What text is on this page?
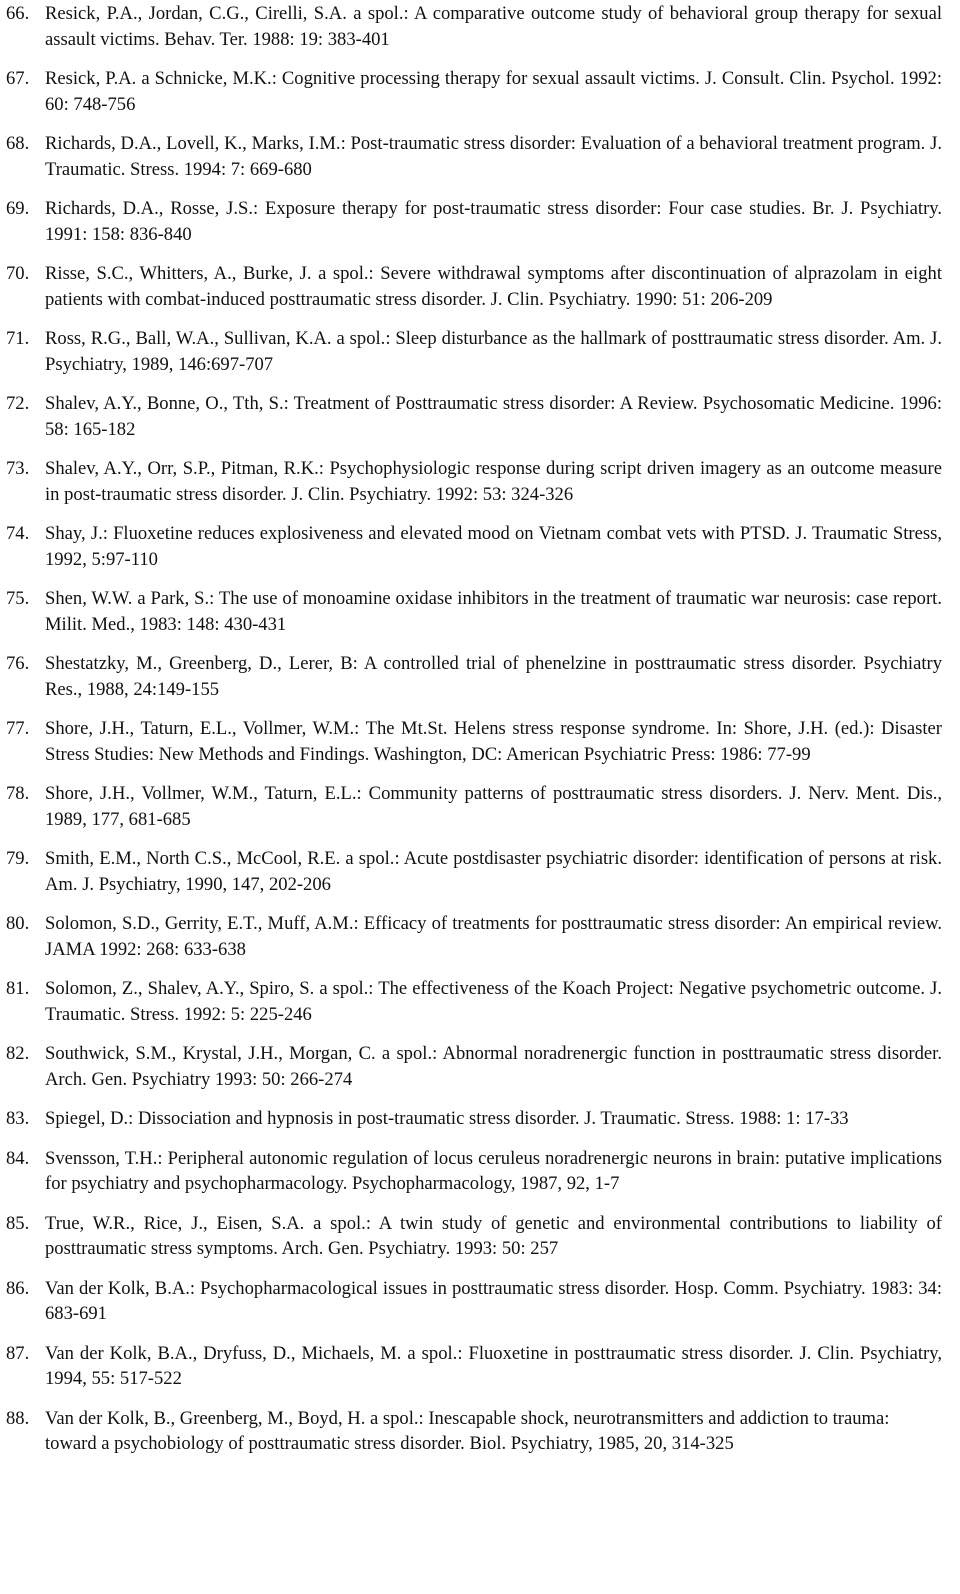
66. Resick, P.A., Jordan, C.G., Cirelli, S.A. a spol.: A comparative outcome study of behavioral group therapy for sexual assault victims. Behav. Ter. 1988: 19: 383-401
67. Resick, P.A. a Schnicke, M.K.: Cognitive processing therapy for sexual assault victims. J. Consult. Clin. Psychol. 1992: 60: 748-756
68. Richards, D.A., Lovell, K., Marks, I.M.: Post-traumatic stress disorder: Evaluation of a behavioral treatment program. J. Traumatic. Stress. 1994: 7: 669-680
69. Richards, D.A., Rosse, J.S.: Exposure therapy for post-traumatic stress disorder: Four case studies. Br. J. Psychiatry. 1991: 158: 836-840
70. Risse, S.C., Whitters, A., Burke, J. a spol.: Severe withdrawal symptoms after discontinuation of alprazolam in eight patients with combat-induced posttraumatic stress disorder. J. Clin. Psychiatry. 1990: 51: 206-209
71. Ross, R.G., Ball, W.A., Sullivan, K.A. a spol.: Sleep disturbance as the hallmark of posttraumatic stress disorder. Am. J. Psychiatry, 1989, 146:697-707
72. Shalev, A.Y., Bonne, O., Tth, S.: Treatment of Posttraumatic stress disorder: A Review. Psychosomatic Medicine. 1996: 58: 165-182
73. Shalev, A.Y., Orr, S.P., Pitman, R.K.: Psychophysiologic response during script driven imagery as an outcome measure in post-traumatic stress disorder. J. Clin. Psychiatry. 1992: 53: 324-326
74. Shay, J.: Fluoxetine reduces explosiveness and elevated mood on Vietnam combat vets with PTSD. J. Traumatic Stress, 1992, 5:97-110
75. Shen, W.W. a Park, S.: The use of monoamine oxidase inhibitors in the treatment of traumatic war neurosis: case report. Milit. Med., 1983: 148: 430-431
76. Shestatzky, M., Greenberg, D., Lerer, B: A controlled trial of phenelzine in posttraumatic stress disorder. Psychiatry Res., 1988, 24:149-155
77. Shore, J.H., Taturn, E.L., Vollmer, W.M.: The Mt.St. Helens stress response syndrome. In: Shore, J.H. (ed.): Disaster Stress Studies: New Methods and Findings. Washington, DC: American Psychiatric Press: 1986: 77-99
78. Shore, J.H., Vollmer, W.M., Taturn, E.L.: Community patterns of posttraumatic stress disorders. J. Nerv. Ment. Dis., 1989, 177, 681-685
79. Smith, E.M., North C.S., McCool, R.E. a spol.: Acute postdisaster psychiatric disorder: identification of persons at risk. Am. J. Psychiatry, 1990, 147, 202-206
80. Solomon, S.D., Gerrity, E.T., Muff, A.M.: Efficacy of treatments for posttraumatic stress disorder: An empirical review. JAMA 1992: 268: 633-638
81. Solomon, Z., Shalev, A.Y., Spiro, S. a spol.: The effectiveness of the Koach Project: Negative psychometric outcome. J. Traumatic. Stress. 1992: 5: 225-246
82. Southwick, S.M., Krystal, J.H., Morgan, C. a spol.: Abnormal noradrenergic function in posttraumatic stress disorder. Arch. Gen. Psychiatry 1993: 50: 266-274
83. Spiegel, D.: Dissociation and hypnosis in post-traumatic stress disorder. J. Traumatic. Stress. 1988: 1: 17-33
84. Svensson, T.H.: Peripheral autonomic regulation of locus ceruleus noradrenergic neurons in brain: putative implications for psychiatry and psychopharmacology. Psychopharmacology, 1987, 92, 1-7
85. True, W.R., Rice, J., Eisen, S.A. a spol.: A twin study of genetic and environmental contributions to liability of posttraumatic stress symptoms. Arch. Gen. Psychiatry. 1993: 50: 257
86. Van der Kolk, B.A.: Psychopharmacological issues in posttraumatic stress disorder. Hosp. Comm. Psychiatry. 1983: 34: 683-691
87. Van der Kolk, B.A., Dryfuss, D., Michaels, M. a spol.: Fluoxetine in posttraumatic stress disorder. J. Clin. Psychiatry, 1994, 55: 517-522
88. Van der Kolk, B., Greenberg, M., Boyd, H. a spol.: Inescapable shock, neurotransmitters and addiction to trauma: toward a psychobiology of posttraumatic stress disorder. Biol. Psychiatry, 1985, 20, 314-325
